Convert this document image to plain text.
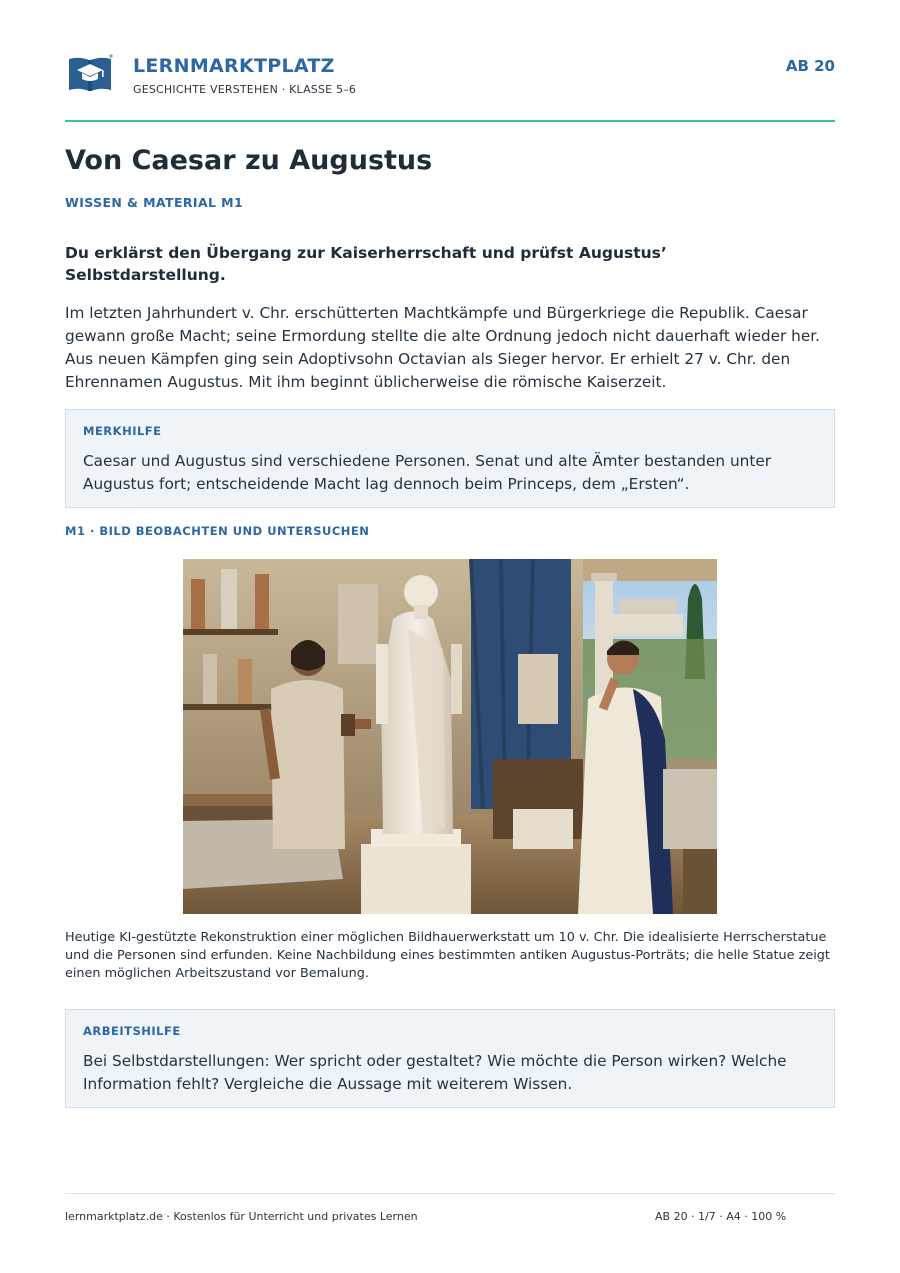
LERNMARKTPLATZ
GESCHICHTE VERSTEHEN · KLASSE 5–6
AB 20
Von Caesar zu Augustus
WISSEN & MATERIAL M1

Du erklärst den Übergang zur Kaiserherrschaft und prüfst Augustus’ Selbstdarstellung.

Im letzten Jahrhundert v. Chr. erschütterten Machtkämpfe und Bürgerkriege die Republik. Caesar gewann große Macht; seine Ermordung stellte die alte Ordnung jedoch nicht dauerhaft wieder her. Aus neuen Kämpfen ging sein Adoptivsohn Octavian als Sieger hervor. Er erhielt 27 v. Chr. den Ehrennamen Augustus. Mit ihm beginnt üblicherweise die römische Kaiserzeit.

MERKHILFE

Caesar und Augustus sind verschiedene Personen. Senat und alte Ämter bestanden unter Augustus fort; entscheidende Macht lag dennoch beim Princeps, dem „Ersten“.

M1 · BILD BEOBACHTEN UND UNTERSUCHEN

Heutige KI-gestützte Rekonstruktion einer möglichen Bildhauerwerkstatt um 10 v. Chr. Die idealisierte Herrscherstatue und die Personen sind erfunden. Keine Nachbildung eines bestimmten antiken Augustus-Porträts; die helle Statue zeigt einen möglichen Arbeitszustand vor Bemalung.

ARBEITSHILFE

Bei Selbstdarstellungen: Wer spricht oder gestaltet? Wie möchte die Person wirken? Welche Information fehlt? Vergleiche die Aussage mit weiterem Wissen.

lernmarktplatz.de · Kostenlos für Unterricht und privates Lernen	AB 20 · 1/7 · A4 · 100 %
